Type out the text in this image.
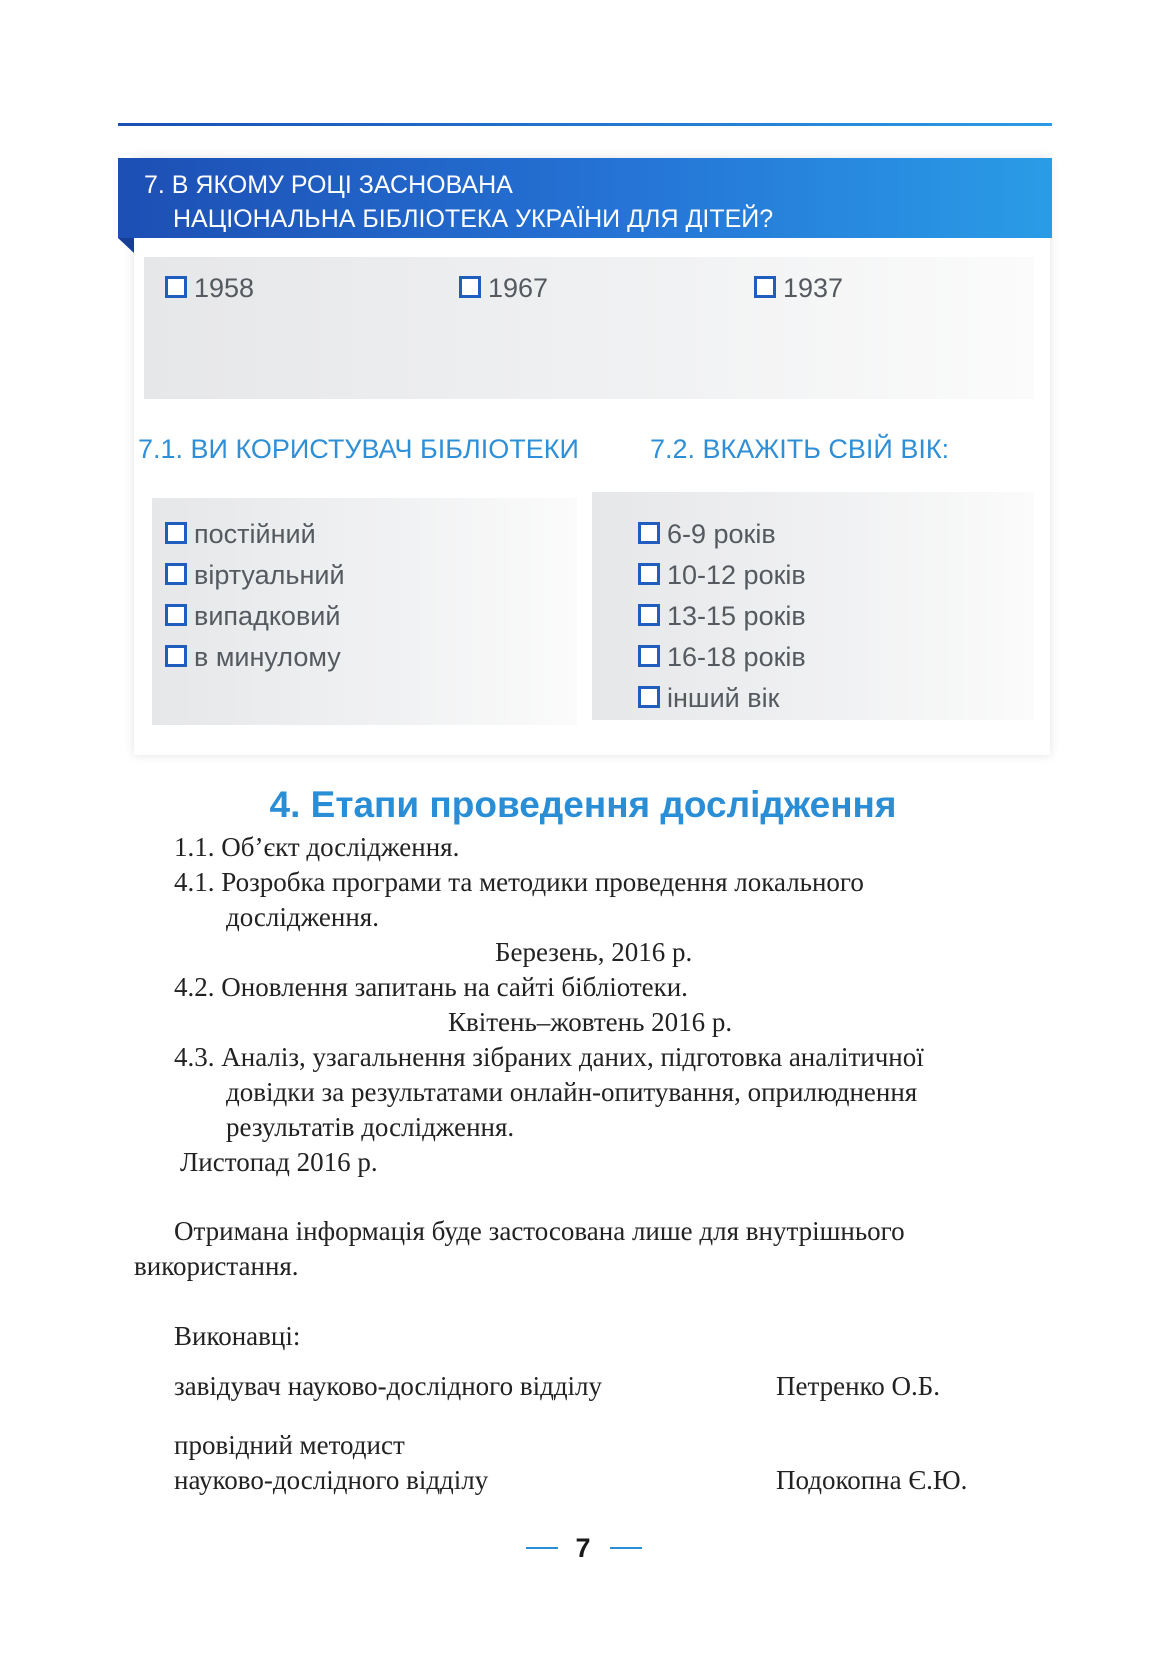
7. В ЯКОМУ РОЦІ ЗАСНОВАНА
НАЦІОНАЛЬНА БІБЛІОТЕКА УКРАЇНИ ДЛЯ ДІТЕЙ?
1958	1967	1937
7.1. ВИ КОРИСТУВАЧ БІБЛІОТЕКИ	7.2. ВКАЖІТЬ СВІЙ ВІК:
постійний
віртуальний
випадковий
в минулому
6-9 років
10-12 років
13-15 років
16-18 років
інший вік
4. Етапи проведення дослідження
1.1. Об’єкт дослідження.
4.1. Розробка програми та методики проведення локального
дослідження.
Березень, 2016 р.
4.2. Оновлення запитань на сайті бібліотеки.
Квітень–жовтень 2016 р.
4.3. Аналіз, узагальнення зібраних даних, підготовка аналітичної
довідки за результатами онлайн-опитування, оприлюднення
результатів дослідження.
Листопад 2016 р.
Отримана інформація буде застосована лише для внутрішнього
використання.
Виконавці:
завідувач науково-дослідного відділу	Петренко О.Б.
провідний методист
науково-дослідного відділу	Подокопна Є.Ю.
7
